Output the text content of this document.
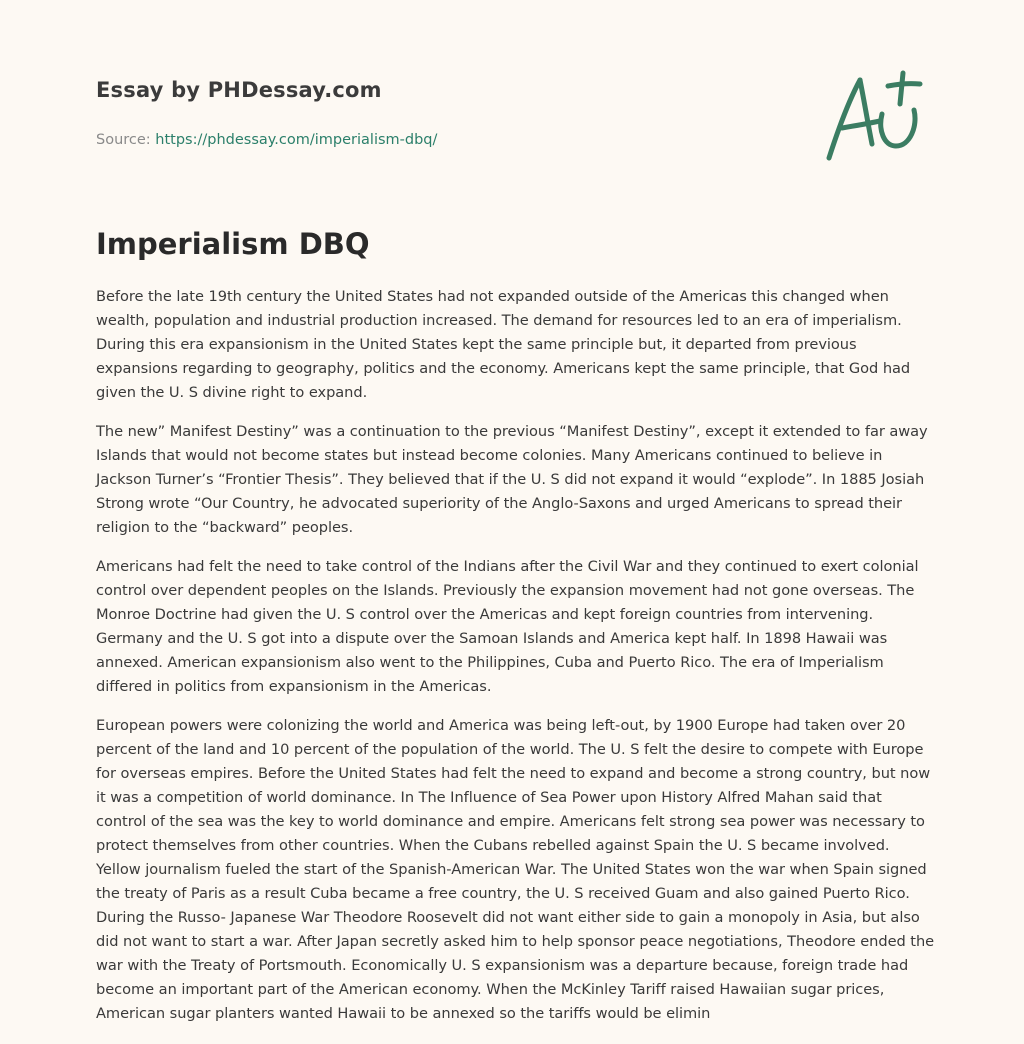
Essay by PHDessay.com
Source: https://phdessay.com/imperialism-dbq/
Imperialism DBQ

Before the late 19th century the United States had not expanded outside of the Americas this changed when wealth, population and industrial production increased. The demand for resources led to an era of imperialism. During this era expansionism in the United States kept the same principle but, it departed from previous expansions regarding to geography, politics and the economy. Americans kept the same principle, that God had given the U. S divine right to expand.

The new” Manifest Destiny” was a continuation to the previous “Manifest Destiny”, except it extended to far away Islands that would not become states but instead become colonies. Many Americans continued to believe in Jackson Turner’s “Frontier Thesis”. They believed that if the U. S did not expand it would “explode”. In 1885 Josiah Strong wrote “Our Country, he advocated superiority of the Anglo-Saxons and urged Americans to spread their religion to the “backward” peoples.

Americans had felt the need to take control of the Indians after the Civil War and they continued to exert colonial control over dependent peoples on the Islands. Previously the expansion movement had not gone overseas. The Monroe Doctrine had given the U. S control over the Americas and kept foreign countries from intervening. Germany and the U. S got into a dispute over the Samoan Islands and America kept half. In 1898 Hawaii was annexed. American expansionism also went to the Philippines, Cuba and Puerto Rico. The era of Imperialism differed in politics from expansionism in the Americas.

European powers were colonizing the world and America was being left-out, by 1900 Europe had taken over 20 percent of the land and 10 percent of the population of the world. The U. S felt the desire to compete with Europe for overseas empires. Before the United States had felt the need to expand and become a strong country, but now it was a competition of world dominance. In The Influence of Sea Power upon History Alfred Mahan said that control of the sea was the key to world dominance and empire. Americans felt strong sea power was necessary to protect themselves from other countries. When the Cubans rebelled against Spain the U. S became involved. Yellow journalism fueled the start of the Spanish-American War. The United States won the war when Spain signed the treaty of Paris as a result Cuba became a free country, the U. S received Guam and also gained Puerto Rico. During the Russo- Japanese War Theodore Roosevelt did not want either side to gain a monopoly in Asia, but also did not want to start a war. After Japan secretly asked him to help sponsor peace negotiations, Theodore ended the war with the Treaty of Portsmouth. Economically U. S expansionism was a departure because, foreign trade had become an important part of the American economy. When the McKinley Tariff raised Hawaiian sugar prices, American sugar planters wanted Hawaii to be annexed so the tariffs would be elimin
